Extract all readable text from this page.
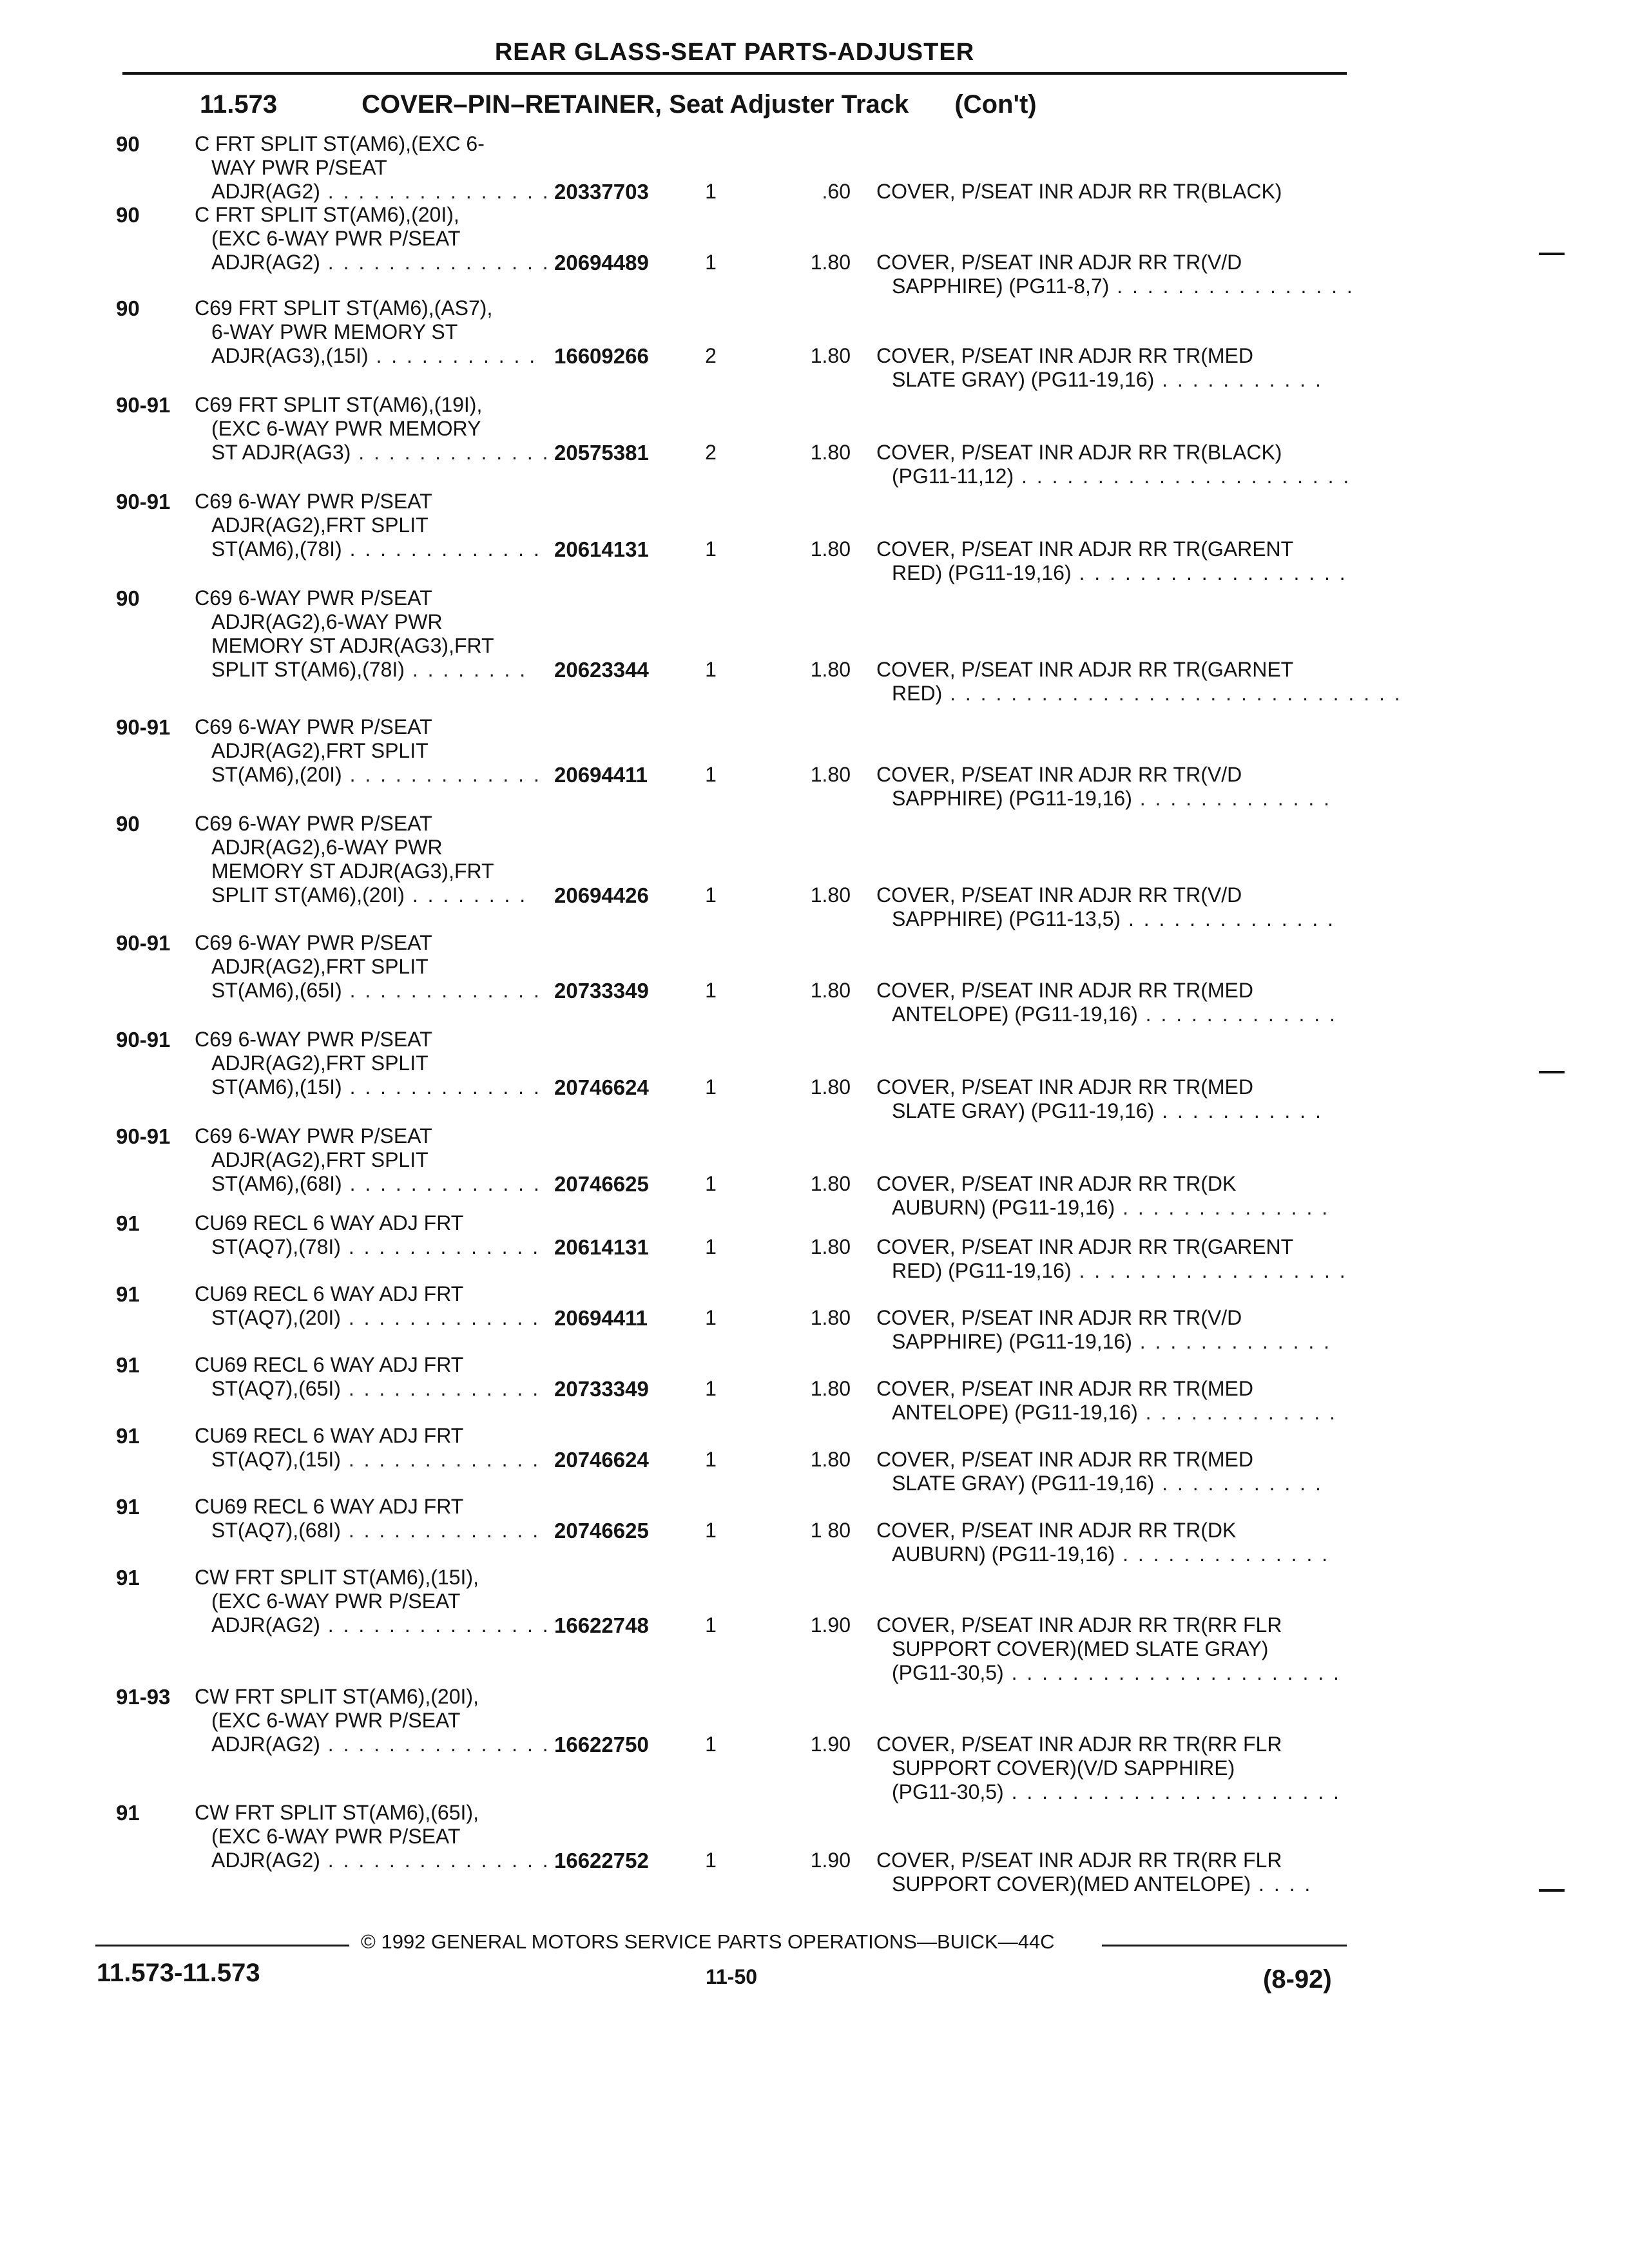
REAR GLASS-SEAT PARTS-ADJUSTER
11.573	COVER–PIN–RETAINER, Seat Adjuster Track (Con't)
90	C FRT SPLIT ST(AM6),(EXC 6-
WAY PWR P/SEAT
ADJR(AG2) . . . . . . . . . . . . . . . 20337703	1	.60 COVER, P/SEAT INR ADJR RR TR(BLACK)
90	C FRT SPLIT ST(AM6),(20I),
(EXC 6-WAY PWR P/SEAT
ADJR(AG2) . . . . . . . . . . . . . . . 20694489	1	1.80 COVER, P/SEAT INR ADJR RR TR(V/D
SAPPHIRE) (PG11-8,7) . . . . . . . . . . . . . . . .
90	C69 FRT SPLIT ST(AM6),(AS7),
6-WAY PWR MEMORY ST
ADJR(AG3),(15I) . . . . . . . . . . . 16609266	2	1.80 COVER, P/SEAT INR ADJR RR TR(MED
SLATE GRAY) (PG11-19,16) . . . . . . . . . . .
90-91 C69 FRT SPLIT ST(AM6),(19I),
(EXC 6-WAY PWR MEMORY
ST ADJR(AG3) . . . . . . . . . . . . . 20575381	2	1.80 COVER, P/SEAT INR ADJR RR TR(BLACK)
(PG11-11,12) . . . . . . . . . . . . . . . . . . . . . .
90-91 C69 6-WAY PWR P/SEAT
ADJR(AG2),FRT SPLIT
ST(AM6),(78I) . . . . . . . . . . . . . 20614131	1	1.80 COVER, P/SEAT INR ADJR RR TR(GARENT
RED) (PG11-19,16) . . . . . . . . . . . . . . . . . .
90	C69 6-WAY PWR P/SEAT
ADJR(AG2),6-WAY PWR
MEMORY ST ADJR(AG3),FRT
SPLIT ST(AM6),(78I) . . . . . . . .	20623344	1	1.80 COVER, P/SEAT INR ADJR RR TR(GARNET
RED) . . . . . . . . . . . . . . . . . . . . . . . . . . . . . .
90-91 C69 6-WAY PWR P/SEAT
ADJR(AG2),FRT SPLIT
ST(AM6),(20I) . . . . . . . . . . . . . 20694411	1	1.80 COVER, P/SEAT INR ADJR RR TR(V/D
SAPPHIRE) (PG11-19,16) . . . . . . . . . . . . .
90	C69 6-WAY PWR P/SEAT
ADJR(AG2),6-WAY PWR
MEMORY ST ADJR(AG3),FRT
SPLIT ST(AM6),(20I) . . . . . . . .	20694426	1	1.80 COVER, P/SEAT INR ADJR RR TR(V/D
SAPPHIRE) (PG11-13,5) . . . . . . . . . . . . . .
90-91 C69 6-WAY PWR P/SEAT
ADJR(AG2),FRT SPLIT
ST(AM6),(65I) . . . . . . . . . . . . . 20733349	1	1.80 COVER, P/SEAT INR ADJR RR TR(MED
ANTELOPE) (PG11-19,16) . . . . . . . . . . . . .
90-91 C69 6-WAY PWR P/SEAT
ADJR(AG2),FRT SPLIT
ST(AM6),(15I) . . . . . . . . . . . . . 20746624	1	1.80 COVER, P/SEAT INR ADJR RR TR(MED
SLATE GRAY) (PG11-19,16) . . . . . . . . . . .
90-91 C69 6-WAY PWR P/SEAT
ADJR(AG2),FRT SPLIT
ST(AM6),(68I) . . . . . . . . . . . . . 20746625	1	1.80 COVER, P/SEAT INR ADJR RR TR(DK
AUBURN) (PG11-19,16) . . . . . . . . . . . . . .
91	CU69 RECL 6 WAY ADJ FRT
ST(AQ7),(78I) . . . . . . . . . . . . . 20614131	1	1.80 COVER, P/SEAT INR ADJR RR TR(GARENT
RED) (PG11-19,16) . . . . . . . . . . . . . . . . . .
91	CU69 RECL 6 WAY ADJ FRT
ST(AQ7),(20I) . . . . . . . . . . . . . 20694411	1	1.80 COVER, P/SEAT INR ADJR RR TR(V/D
SAPPHIRE) (PG11-19,16) . . . . . . . . . . . . .
91	CU69 RECL 6 WAY ADJ FRT
ST(AQ7),(65I) . . . . . . . . . . . . . 20733349	1	1.80 COVER, P/SEAT INR ADJR RR TR(MED
ANTELOPE) (PG11-19,16) . . . . . . . . . . . . .
91	CU69 RECL 6 WAY ADJ FRT
ST(AQ7),(15I) . . . . . . . . . . . . . 20746624	1	1.80 COVER, P/SEAT INR ADJR RR TR(MED
SLATE GRAY) (PG11-19,16) . . . . . . . . . . .
91	CU69 RECL 6 WAY ADJ FRT
ST(AQ7),(68I) . . . . . . . . . . . . . 20746625	1	1 80 COVER, P/SEAT INR ADJR RR TR(DK
AUBURN) (PG11-19,16) . . . . . . . . . . . . . .
91	CW FRT SPLIT ST(AM6),(15I),
(EXC 6-WAY PWR P/SEAT
ADJR(AG2) . . . . . . . . . . . . . . . 16622748	1	1.90 COVER, P/SEAT INR ADJR RR TR(RR FLR
SUPPORT COVER)(MED SLATE GRAY)
(PG11-30,5) . . . . . . . . . . . . . . . . . . . . . .
91-93 CW FRT SPLIT ST(AM6),(20I),
(EXC 6-WAY PWR P/SEAT
ADJR(AG2) . . . . . . . . . . . . . . . 16622750	1	1.90 COVER, P/SEAT INR ADJR RR TR(RR FLR
SUPPORT COVER)(V/D SAPPHIRE)
(PG11-30,5) . . . . . . . . . . . . . . . . . . . . . .
91	CW FRT SPLIT ST(AM6),(65I),
(EXC 6-WAY PWR P/SEAT
ADJR(AG2) . . . . . . . . . . . . . . . 16622752	1	1.90 COVER, P/SEAT INR ADJR RR TR(RR FLR
SUPPORT COVER)(MED ANTELOPE) . . . .
© 1992 GENERAL MOTORS SERVICE PARTS OPERATIONS—BUICK—44C
11.573-11.573	11-50	(8-92)
